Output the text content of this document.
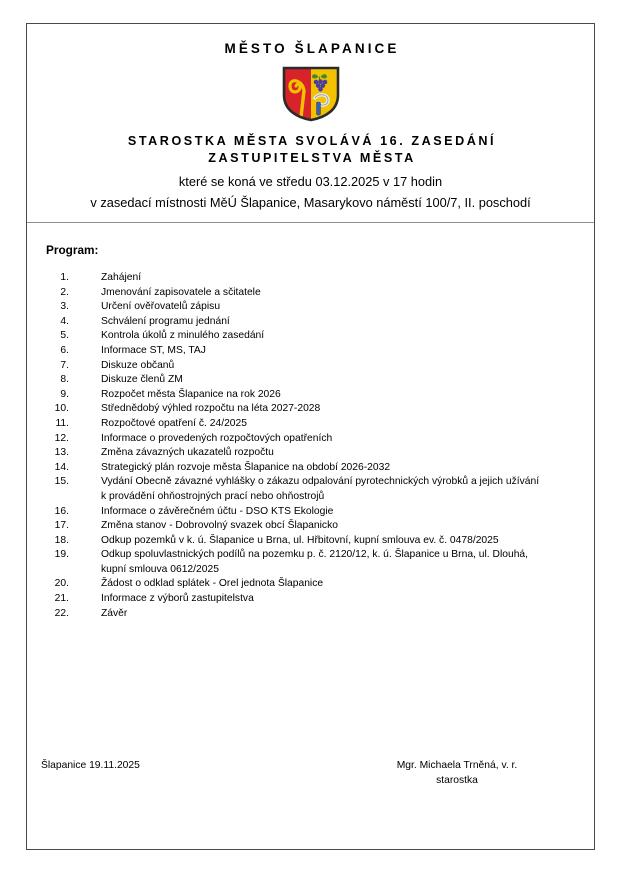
MĚSTO ŠLAPANICE
STAROSTKA MĚSTA SVOLÁVÁ 16. ZASEDÁNÍ
ZASTUPITELSTVA MĚSTA
které se koná ve středu 03.12.2025 v 17 hodin
v zasedací místnosti MěÚ Šlapanice, Masarykovo náměstí 100/7, II. poschodí
Program:
1.	Zahájení
2.	Jmenování zapisovatele a sčitatele
3.	Určení ověřovatelů zápisu
4.	Schválení programu jednání
5.	Kontrola úkolů z minulého zasedání
6.	Informace ST, MS, TAJ
7.	Diskuze občanů
8.	Diskuze členů ZM
9.	Rozpočet města Šlapanice na rok 2026
10.	Střednědobý výhled rozpočtu na léta 2027-2028
11.	Rozpočtové opatření č. 24/2025
12.	Informace o provedených rozpočtových opatřeních
13.	Změna závazných ukazatelů rozpočtu
14.	Strategický plán rozvoje města Šlapanice na období 2026-2032
15.	Vydání Obecně závazné vyhlášky o zákazu odpalování pyrotechnických výrobků a jejich užívání
k provádění ohňostrojných prací nebo ohňostrojů
16.	Informace o závěrečném účtu - DSO KTS Ekologie
17.	Změna stanov - Dobrovolný svazek obcí Šlapanicko
18.	Odkup pozemků v k. ú. Šlapanice u Brna, ul. Hřbitovní, kupní smlouva ev. č. 0478/2025
19.	Odkup spoluvlastnických podílů na pozemku p. č. 2120/12, k. ú. Šlapanice u Brna, ul. Dlouhá,
kupní smlouva 0612/2025
20.	Žádost o odklad splátek - Orel jednota Šlapanice
21.	Informace z výborů zastupitelstva
22.	Závěr
Šlapanice 19.11.2025	Mgr. Michaela Trněná, v. r.
starostka
